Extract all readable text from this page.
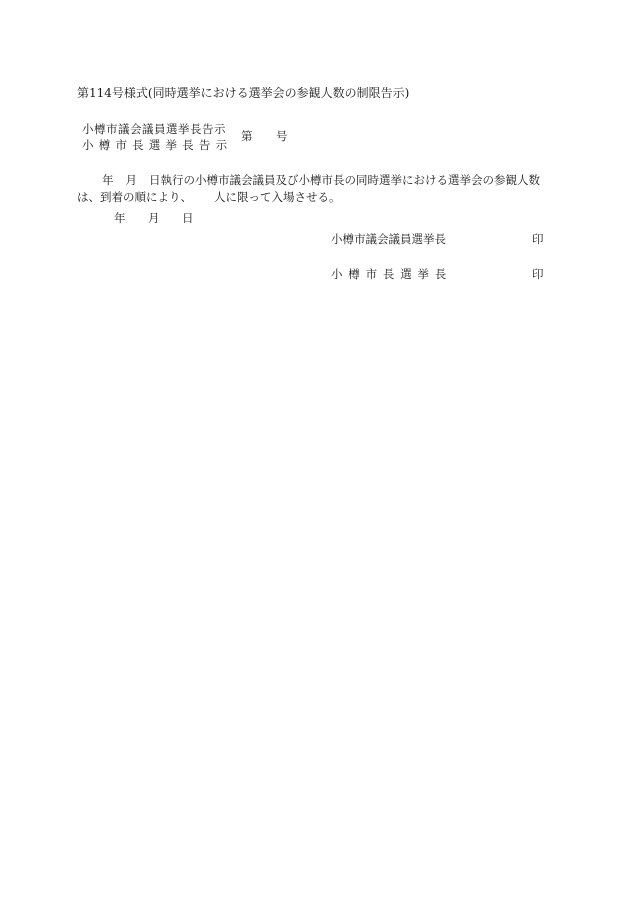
第114号様式(同時選挙における選挙会の参観人数の制限告示)
小樽市議会議員選挙長告示
小樽市長選挙長告示
第 号
年 月 日執行の小樽市議会議員及び小樽市長の同時選挙における選挙会の参観人数
は、到着の順により、 人に限って入場させる。
年 月 日
小樽市議会議員選挙長	印
小樽市長選挙長	印
